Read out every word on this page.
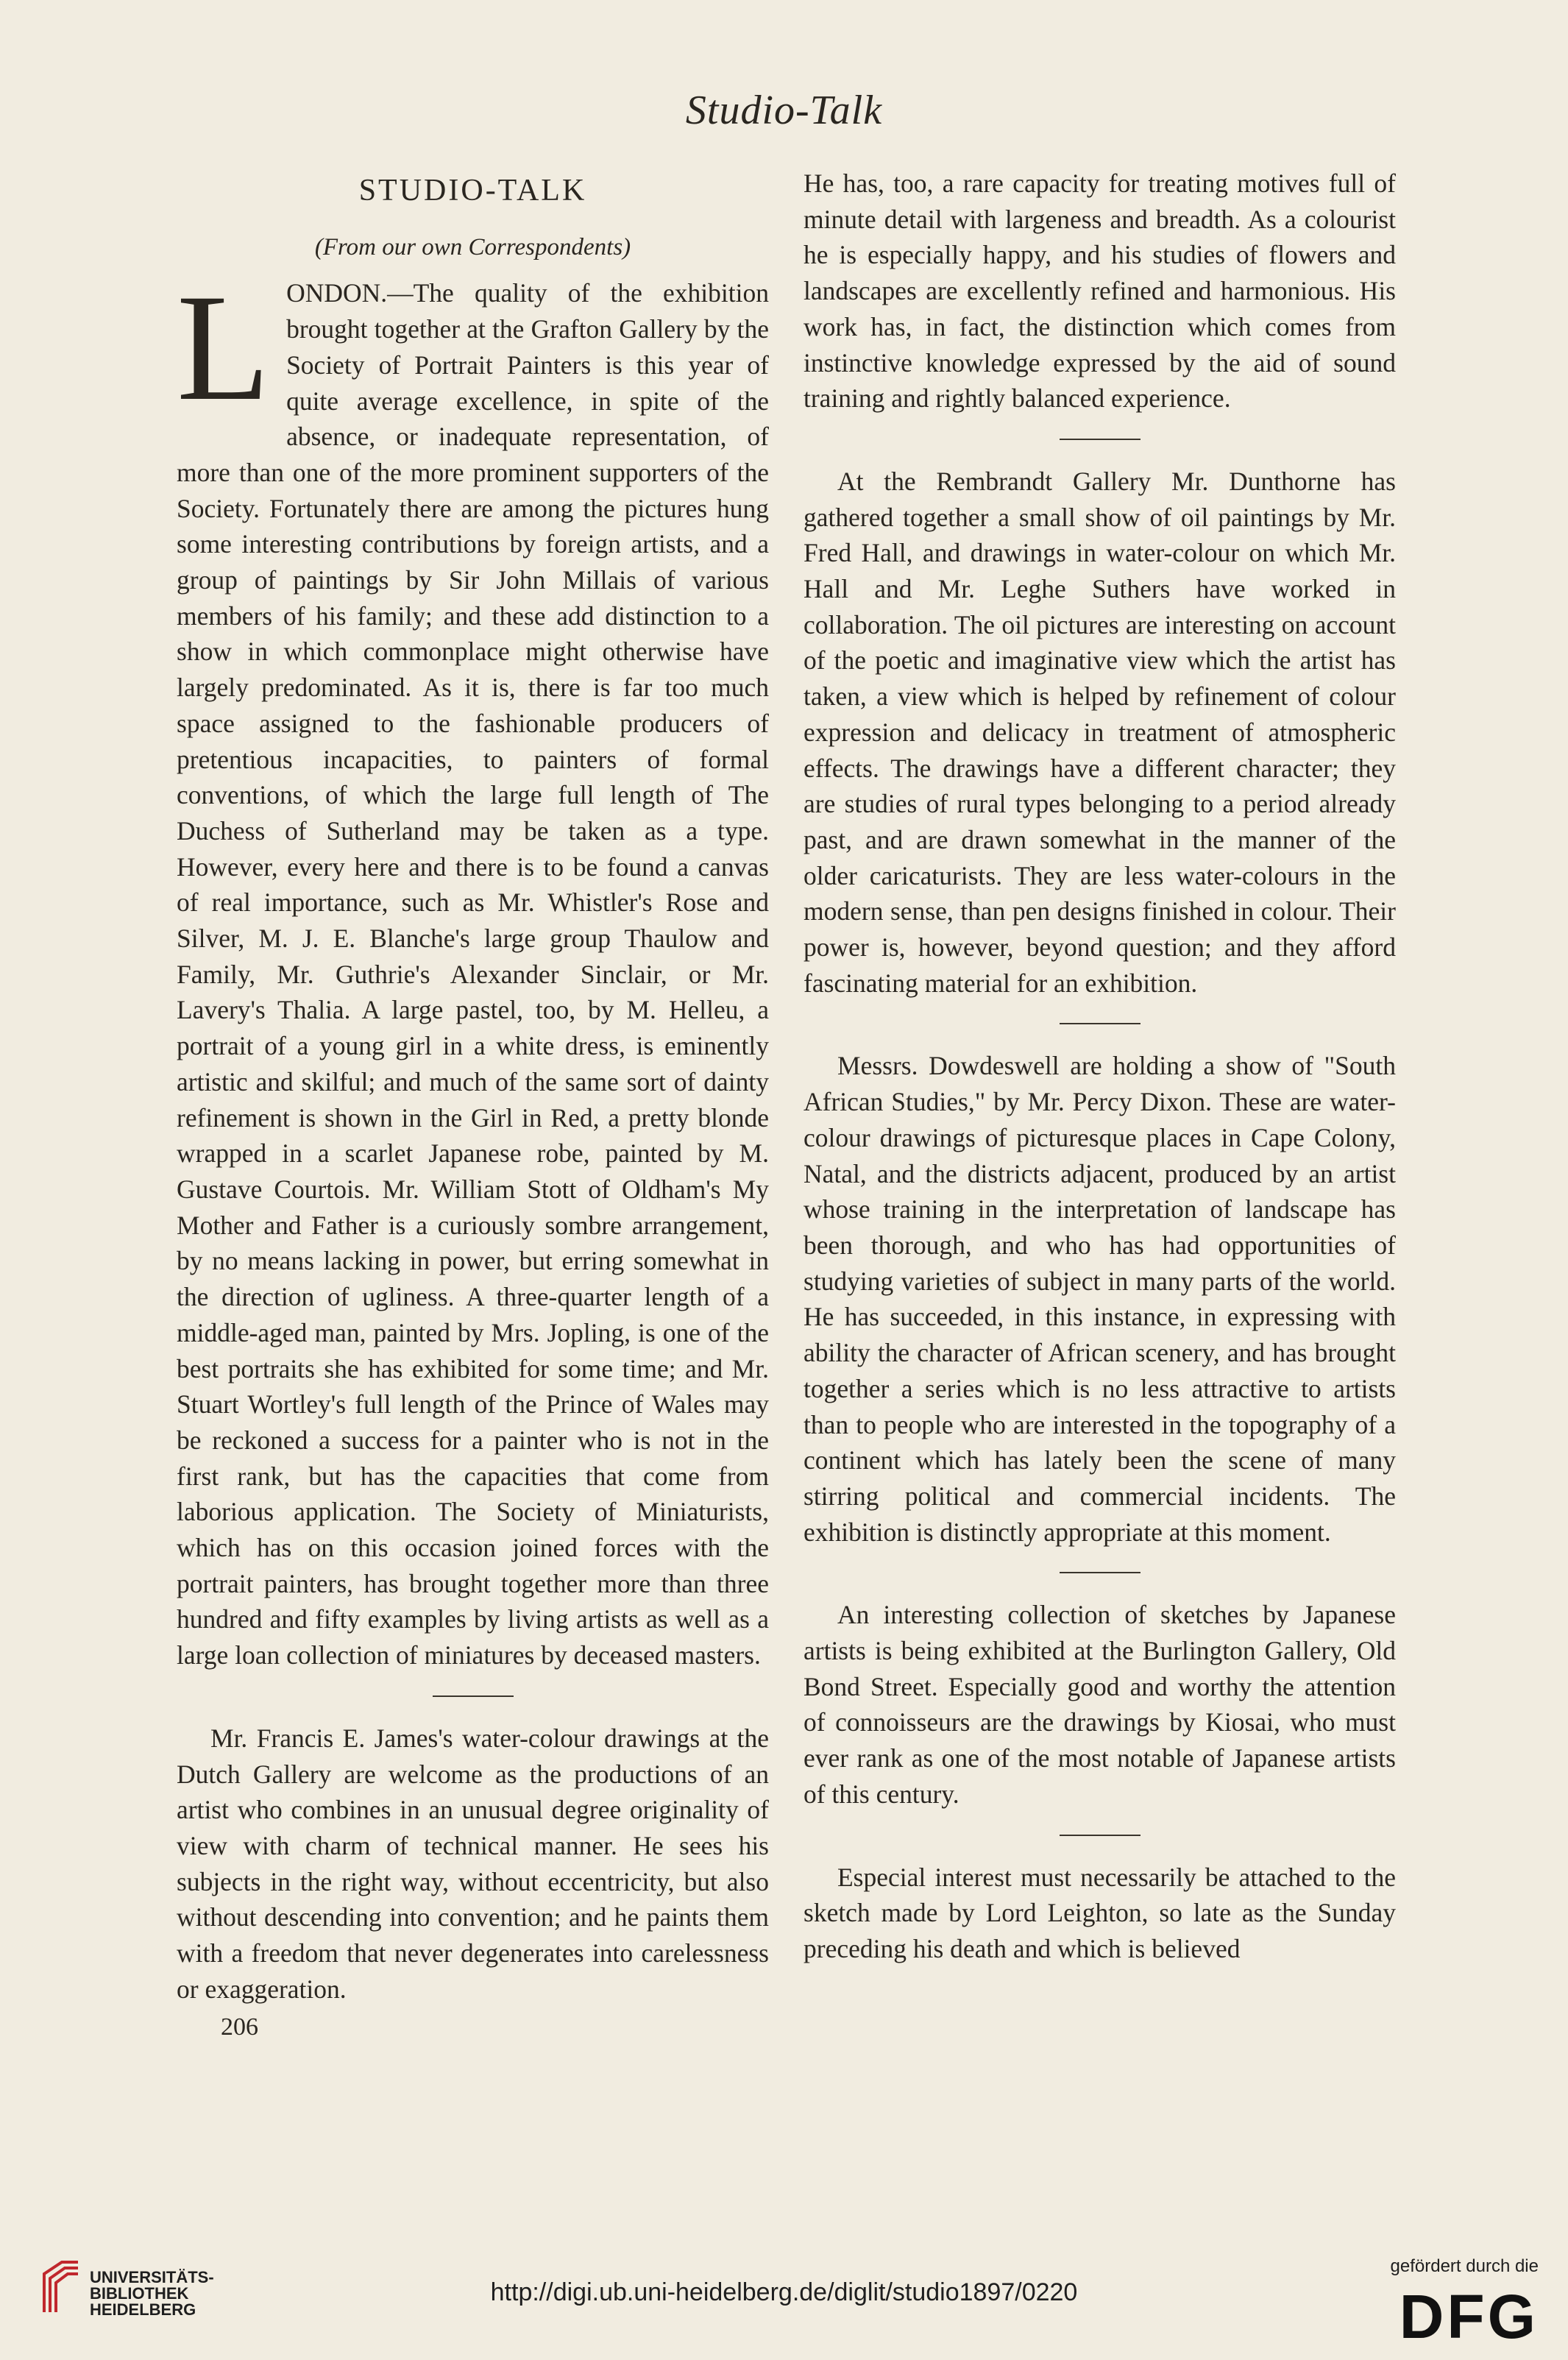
Studio-Talk
STUDIO-TALK
(From our own Correspondents)
L ONDON.—The quality of the exhibition brought together at the Grafton Gallery by the Society of Portrait Painters is this year of quite average excellence, in spite of the absence, or inadequate representation, of more than one of the more prominent supporters of the Society. Fortunately there are among the pictures hung some interesting contributions by foreign artists, and a group of paintings by Sir John Millais of various members of his family; and these add distinction to a show in which commonplace might otherwise have largely predominated. As it is, there is far too much space assigned to the fashionable producers of pretentious incapacities, to painters of formal conventions, of which the large full length of The Duchess of Sutherland may be taken as a type. However, every here and there is to be found a canvas of real importance, such as Mr. Whistler's Rose and Silver, M. J. E. Blanche's large group Thaulow and Family, Mr. Guthrie's Alexander Sinclair, or Mr. Lavery's Thalia. A large pastel, too, by M. Helleu, a portrait of a young girl in a white dress, is eminently artistic and skilful; and much of the same sort of dainty refinement is shown in the Girl in Red, a pretty blonde wrapped in a scarlet Japanese robe, painted by M. Gustave Courtois. Mr. William Stott of Oldham's My Mother and Father is a curiously sombre arrangement, by no means lacking in power, but erring somewhat in the direction of ugliness. A three-quarter length of a middle-aged man, painted by Mrs. Jopling, is one of the best portraits she has exhibited for some time; and Mr. Stuart Wortley's full length of the Prince of Wales may be reckoned a success for a painter who is not in the first rank, but has the capacities that come from laborious application. The Society of Miniaturists, which has on this occasion joined forces with the portrait painters, has brought together more than three hundred and fifty examples by living artists as well as a large loan collection of miniatures by deceased masters.

Mr. Francis E. James's water-colour drawings at the Dutch Gallery are welcome as the productions of an artist who combines in an unusual degree originality of view with charm of technical manner. He sees his subjects in the right way, without eccentricity, but also without descending into convention; and he paints them with a freedom that never degenerates into carelessness or exaggeration.

206

He has, too, a rare capacity for treating motives full of minute detail with largeness and breadth. As a colourist he is especially happy, and his studies of flowers and landscapes are excellently refined and harmonious. His work has, in fact, the distinction which comes from instinctive knowledge expressed by the aid of sound training and rightly balanced experience.

At the Rembrandt Gallery Mr. Dunthorne has gathered together a small show of oil paintings by Mr. Fred Hall, and drawings in water-colour on which Mr. Hall and Mr. Leghe Suthers have worked in collaboration. The oil pictures are interesting on account of the poetic and imaginative view which the artist has taken, a view which is helped by refinement of colour expression and delicacy in treatment of atmospheric effects. The drawings have a different character; they are studies of rural types belonging to a period already past, and are drawn somewhat in the manner of the older caricaturists. They are less water-colours in the modern sense, than pen designs finished in colour. Their power is, however, beyond question; and they afford fascinating material for an exhibition.

Messrs. Dowdeswell are holding a show of "South African Studies," by Mr. Percy Dixon. These are water-colour drawings of picturesque places in Cape Colony, Natal, and the districts adjacent, produced by an artist whose training in the interpretation of landscape has been thorough, and who has had opportunities of studying varieties of subject in many parts of the world. He has succeeded, in this instance, in expressing with ability the character of African scenery, and has brought together a series which is no less attractive to artists than to people who are interested in the topography of a continent which has lately been the scene of many stirring political and commercial incidents. The exhibition is distinctly appropriate at this moment.

An interesting collection of sketches by Japanese artists is being exhibited at the Burlington Gallery, Old Bond Street. Especially good and worthy the attention of connoisseurs are the drawings by Kiosai, who must ever rank as one of the most notable of Japanese artists of this century.

Especial interest must necessarily be attached to the sketch made by Lord Leighton, so late as the Sunday preceding his death and which is believed

UNIVERSITÄTS-
BIBLIOTHEK
HEIDELBERG
http://digi.ub.uni-heidelberg.de/diglit/studio1897/0220
gefördert durch die
DFG
